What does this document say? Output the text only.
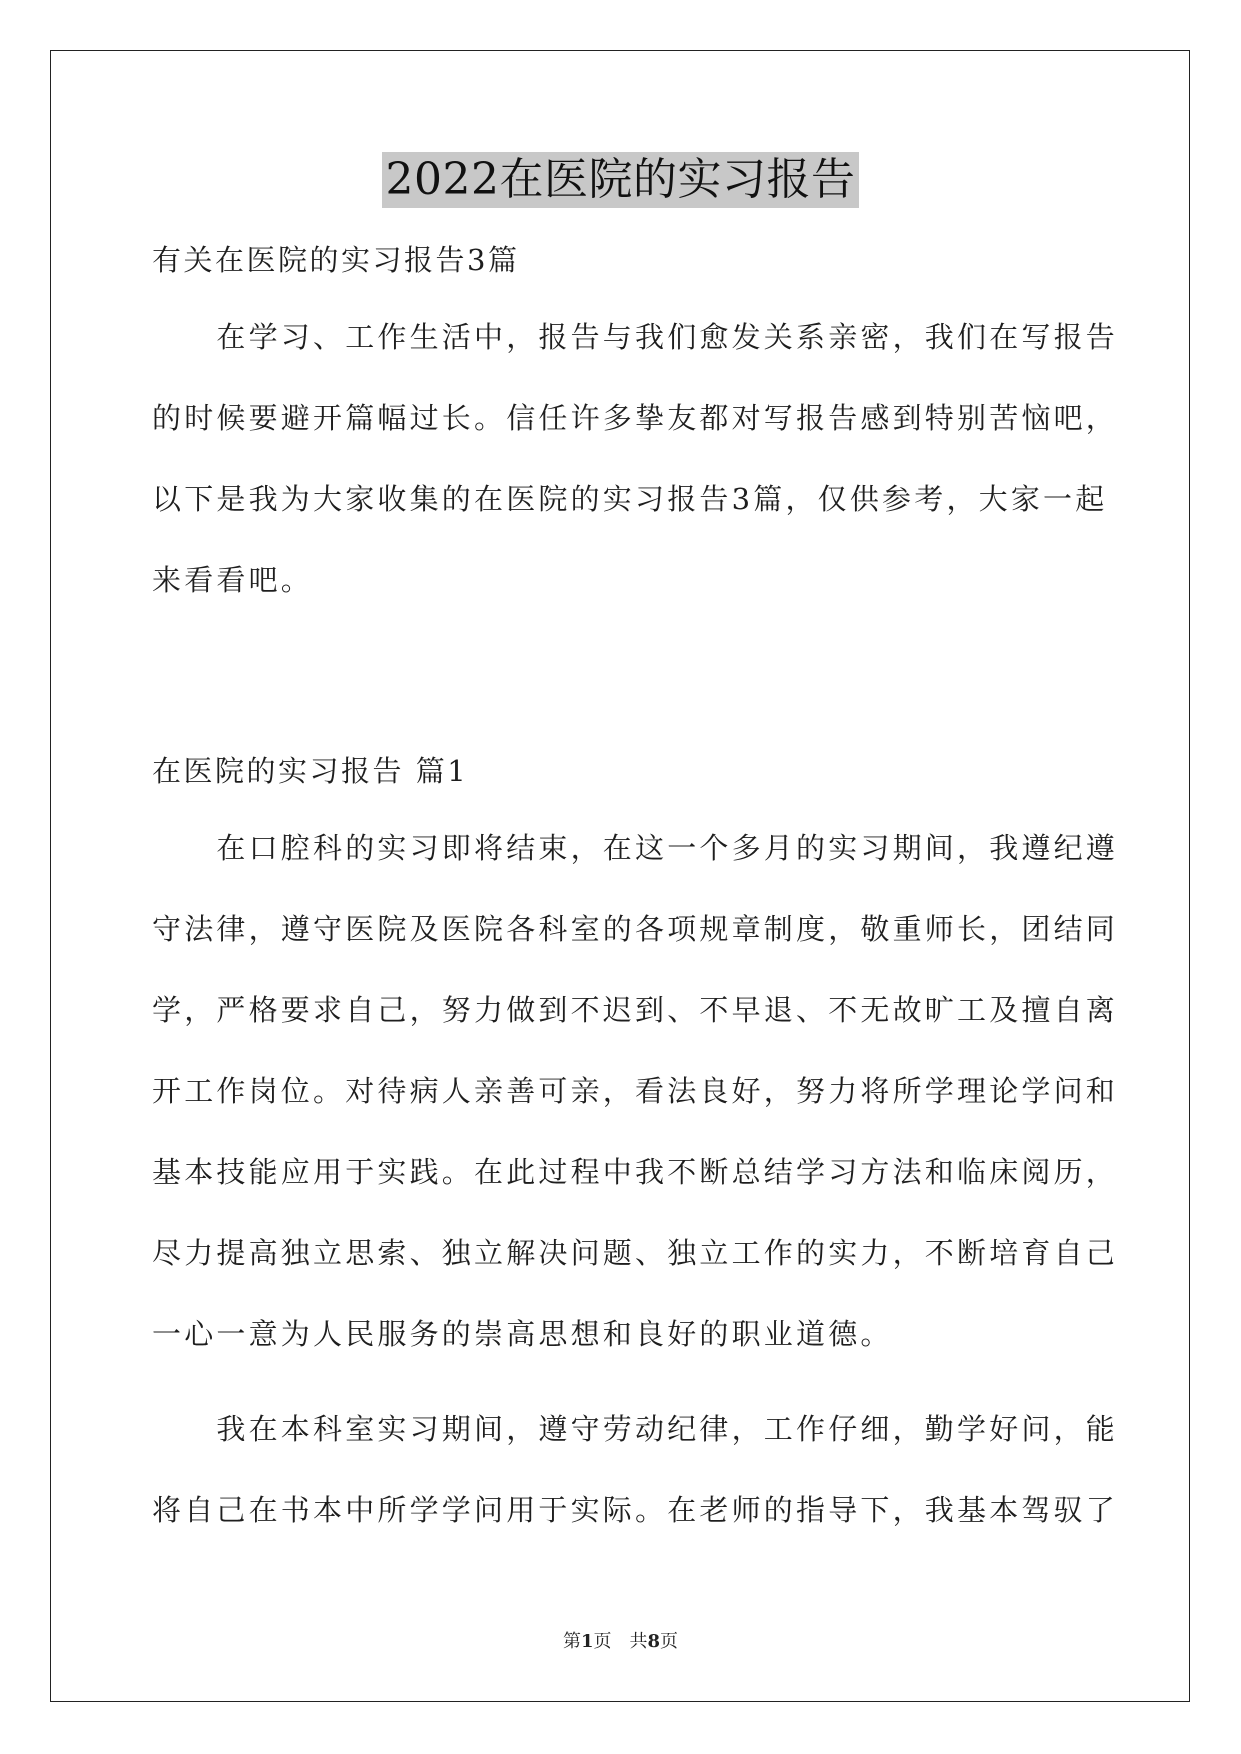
2022在医院的实习报告
有关在医院的实习报告3篇
　　在学习、工作生活中，报告与我们愈发关系亲密，我们在写报告
的时候要避开篇幅过长。信任许多挚友都对写报告感到特别苦恼吧，
以下是我为大家收集的在医院的实习报告3篇，仅供参考，大家一起
来看看吧。
在医院的实习报告 篇1
　　在口腔科的实习即将结束，在这一个多月的实习期间，我遵纪遵
守法律，遵守医院及医院各科室的各项规章制度，敬重师长，团结同
学，严格要求自己，努力做到不迟到、不早退、不无故旷工及擅自离
开工作岗位。对待病人亲善可亲，看法良好，努力将所学理论学问和
基本技能应用于实践。在此过程中我不断总结学习方法和临床阅历，
尽力提高独立思索、独立解决问题、独立工作的实力，不断培育自己
一心一意为人民服务的崇高思想和良好的职业道德。
　　我在本科室实习期间，遵守劳动纪律，工作仔细，勤学好问，能
将自己在书本中所学学问用于实际。在老师的指导下，我基本驾驭了
第1页 共8页
